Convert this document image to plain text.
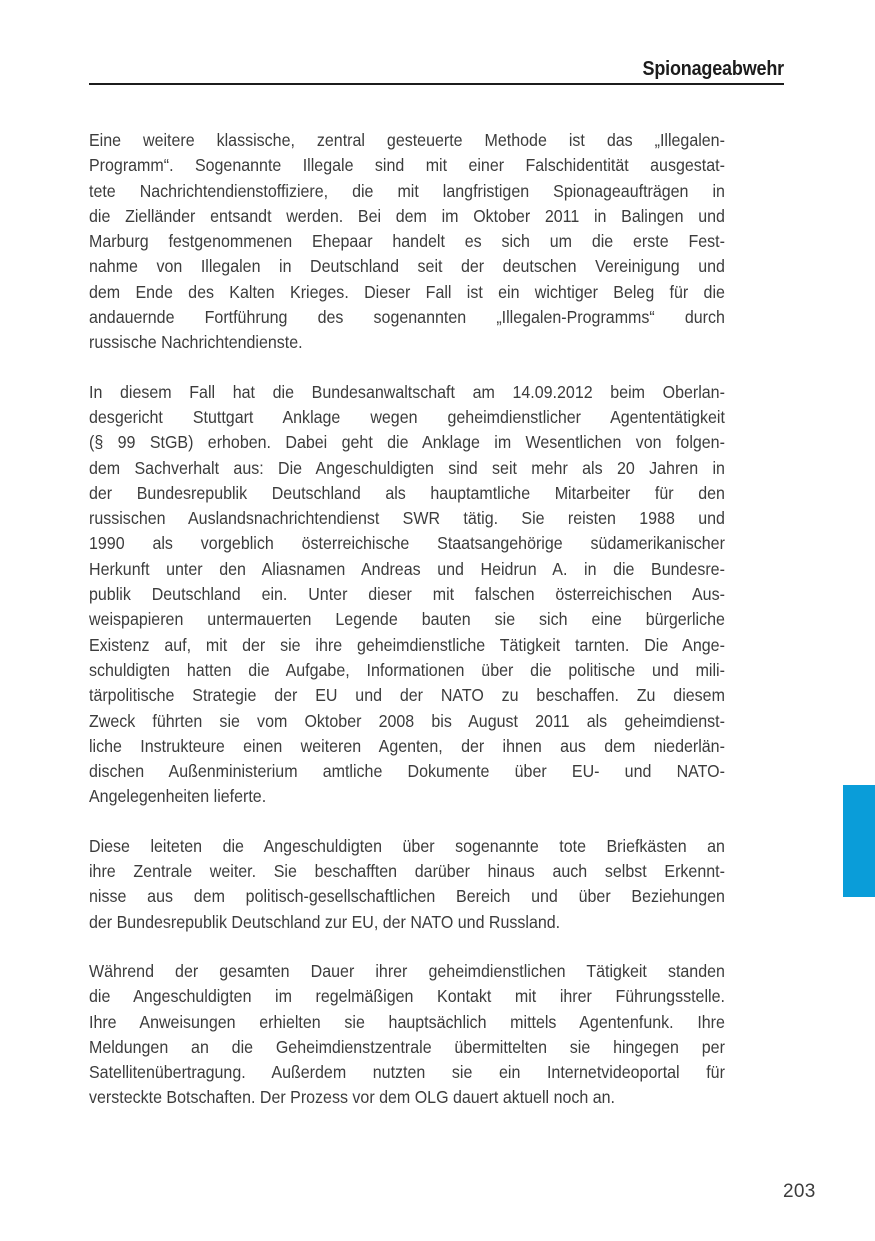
Spionageabwehr
Eine weitere klassische, zentral gesteuerte Methode ist das „Illegalen-
Programm“. Sogenannte Illegale sind mit einer Falschidentität ausgestat-
tete Nachrichtendienstoffiziere, die mit langfristigen Spionageaufträgen in
die Zielländer entsandt werden. Bei dem im Oktober 2011 in Balingen und
Marburg festgenommenen Ehepaar handelt es sich um die erste Fest-
nahme von Illegalen in Deutschland seit der deutschen Vereinigung und
dem Ende des Kalten Krieges. Dieser Fall ist ein wichtiger Beleg für die
andauernde Fortführung des sogenannten „Illegalen-Programms“ durch
russische Nachrichtendienste.
In diesem Fall hat die Bundesanwaltschaft am 14.09.2012 beim Oberlan-
desgericht Stuttgart Anklage wegen geheimdienstlicher Agententätigkeit
(§ 99 StGB) erhoben. Dabei geht die Anklage im Wesentlichen von folgen-
dem Sachverhalt aus: Die Angeschuldigten sind seit mehr als 20 Jahren in
der Bundesrepublik Deutschland als hauptamtliche Mitarbeiter für den
russischen Auslandsnachrichtendienst SWR tätig. Sie reisten 1988 und
1990 als vorgeblich österreichische Staatsangehörige südamerikanischer
Herkunft unter den Aliasnamen Andreas und Heidrun A. in die Bundesre-
publik Deutschland ein. Unter dieser mit falschen österreichischen Aus-
weispapieren untermauerten Legende bauten sie sich eine bürgerliche
Existenz auf, mit der sie ihre geheimdienstliche Tätigkeit tarnten. Die Ange-
schuldigten hatten die Aufgabe, Informationen über die politische und mili-
tärpolitische Strategie der EU und der NATO zu beschaffen. Zu diesem
Zweck führten sie vom Oktober 2008 bis August 2011 als geheimdienst-
liche Instrukteure einen weiteren Agenten, der ihnen aus dem niederlän-
dischen Außenministerium amtliche Dokumente über EU- und NATO-
Angelegenheiten lieferte.
Diese leiteten die Angeschuldigten über sogenannte tote Briefkästen an
ihre Zentrale weiter. Sie beschafften darüber hinaus auch selbst Erkennt-
nisse aus dem politisch-gesellschaftlichen Bereich und über Beziehungen
der Bundesrepublik Deutschland zur EU, der NATO und Russland.
Während der gesamten Dauer ihrer geheimdienstlichen Tätigkeit standen
die Angeschuldigten im regelmäßigen Kontakt mit ihrer Führungsstelle.
Ihre Anweisungen erhielten sie hauptsächlich mittels Agentenfunk. Ihre
Meldungen an die Geheimdienstzentrale übermittelten sie hingegen per
Satellitenübertragung. Außerdem nutzten sie ein Internetvideoportal für
versteckte Botschaften. Der Prozess vor dem OLG dauert aktuell noch an.
203
